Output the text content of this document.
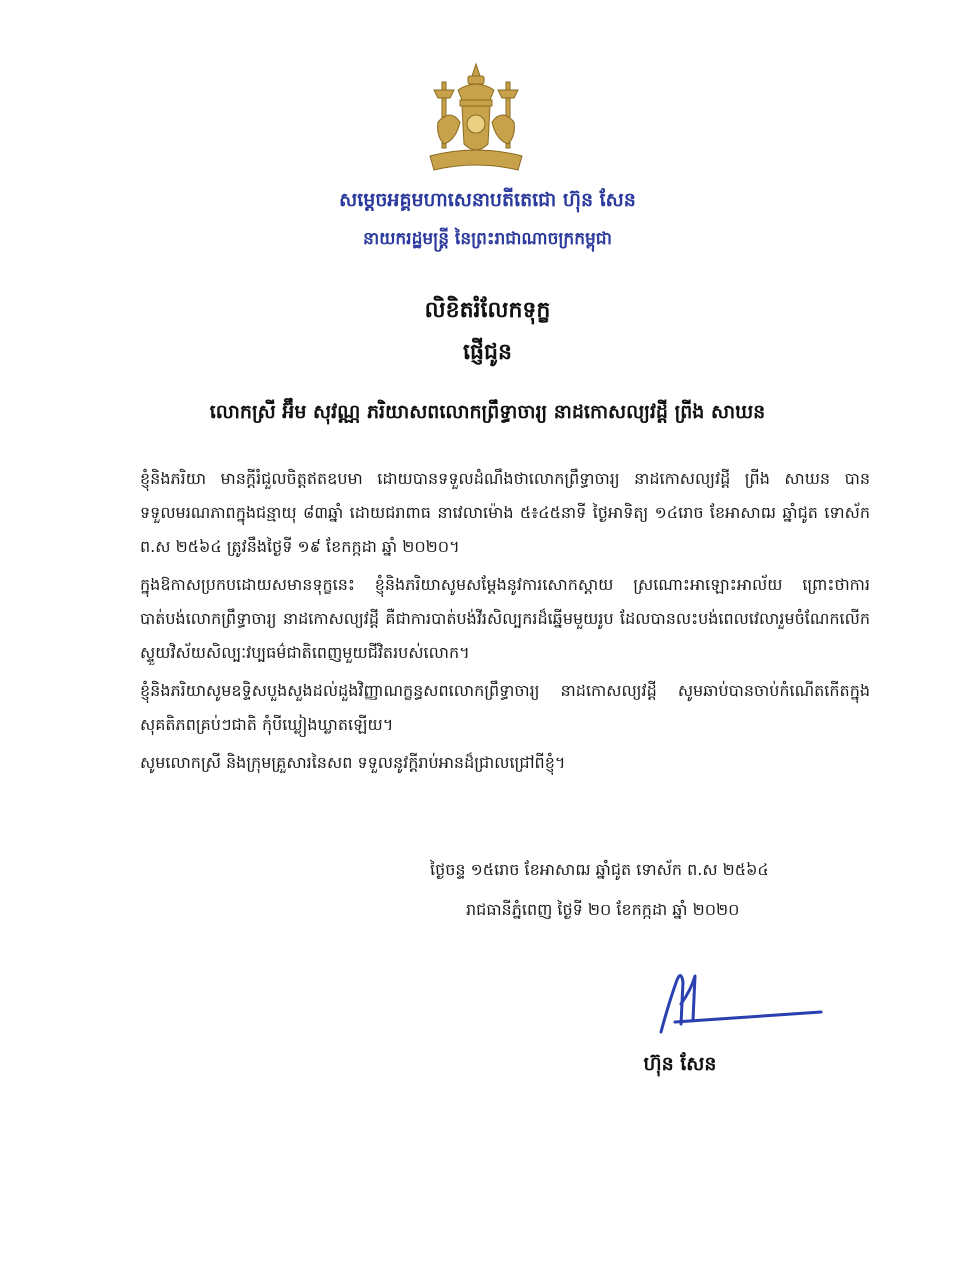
សម្តេចអគ្គមហាសេនាបតីតេជោ ហ៊ុន សែន
នាយករដ្ឋមន្ត្រី នៃព្រះរាជាណាចក្រកម្ពុជា
លិខិតរំលែកទុក្ខ
ផ្ញើជូន
លោកស្រី អ៊ឹម សុវណ្ណ ភរិយាសពលោកព្រឹទ្ធាចារ្យ នាដកោសល្យវដ្ដី ព្រីង សាឃន

ខ្ញុំនិងភរិយា មានក្ដីរំជួលចិត្តឥតឧបមា ដោយបានទទួលដំណឹងថាលោកព្រឹទ្ធាចារ្យ នាដកោសល្យវដ្ដី ព្រីង សាឃន បានទទួលមរណភាពក្នុងជន្មាយុ ៨៣ឆ្នាំ ដោយជរាពាធ នាវេលាម៉ោង ៥៖៤៥នាទី ថ្ងៃអាទិត្យ ១៤រោច ខែអាសាឍ ឆ្នាំជូត ទោស័ក ព.ស ២៥៦៤ ត្រូវនឹងថ្ងៃទី ១៩ ខែកក្កដា ឆ្នាំ ២០២០។

ក្នុងឱកាសប្រកបដោយសមានទុក្ខនេះ ខ្ញុំនិងភរិយាសូមសម្ដែងនូវការសោកស្ដាយ ស្រណោះអាឡោះអាល័យ ព្រោះថាការបាត់បង់លោកព្រឹទ្ធាចារ្យ នាដកោសល្យវដ្ដី គឺជាការបាត់បង់វីរសិល្បករដ៏ឆ្នើមមួយរូប ដែលបានលះបង់ពេលវេលារួមចំណែកលើកស្ទួយវិស័យសិល្បៈវប្បធម៌ជាតិពេញមួយជីវិតរបស់លោក។

ខ្ញុំនិងភរិយាសូមឧទ្ទិសបួងសួងដល់ដួងវិញ្ញាណក្ខន្ធសពលោកព្រឹទ្ធាចារ្យ នាដកោសល្យវដ្ដី សូមឆាប់បានចាប់កំណើតកើតក្នុងសុគតិភពគ្រប់ៗជាតិ កុំបីឃ្លៀងឃ្លាតឡើយ។

សូមលោកស្រី និងក្រុមគ្រួសារនៃសព ទទួលនូវក្ដីរាប់អានដ៏ជ្រាលជ្រៅពីខ្ញុំ។

ថ្ងៃចន្ទ ១៥រោច ខែអាសាឍ ឆ្នាំជូត ទោស័ក ព.ស ២៥៦៤
រាជធានីភ្នំពេញ ថ្ងៃទី ២០ ខែកក្កដា ឆ្នាំ ២០២០
ហ៊ុន សែន
